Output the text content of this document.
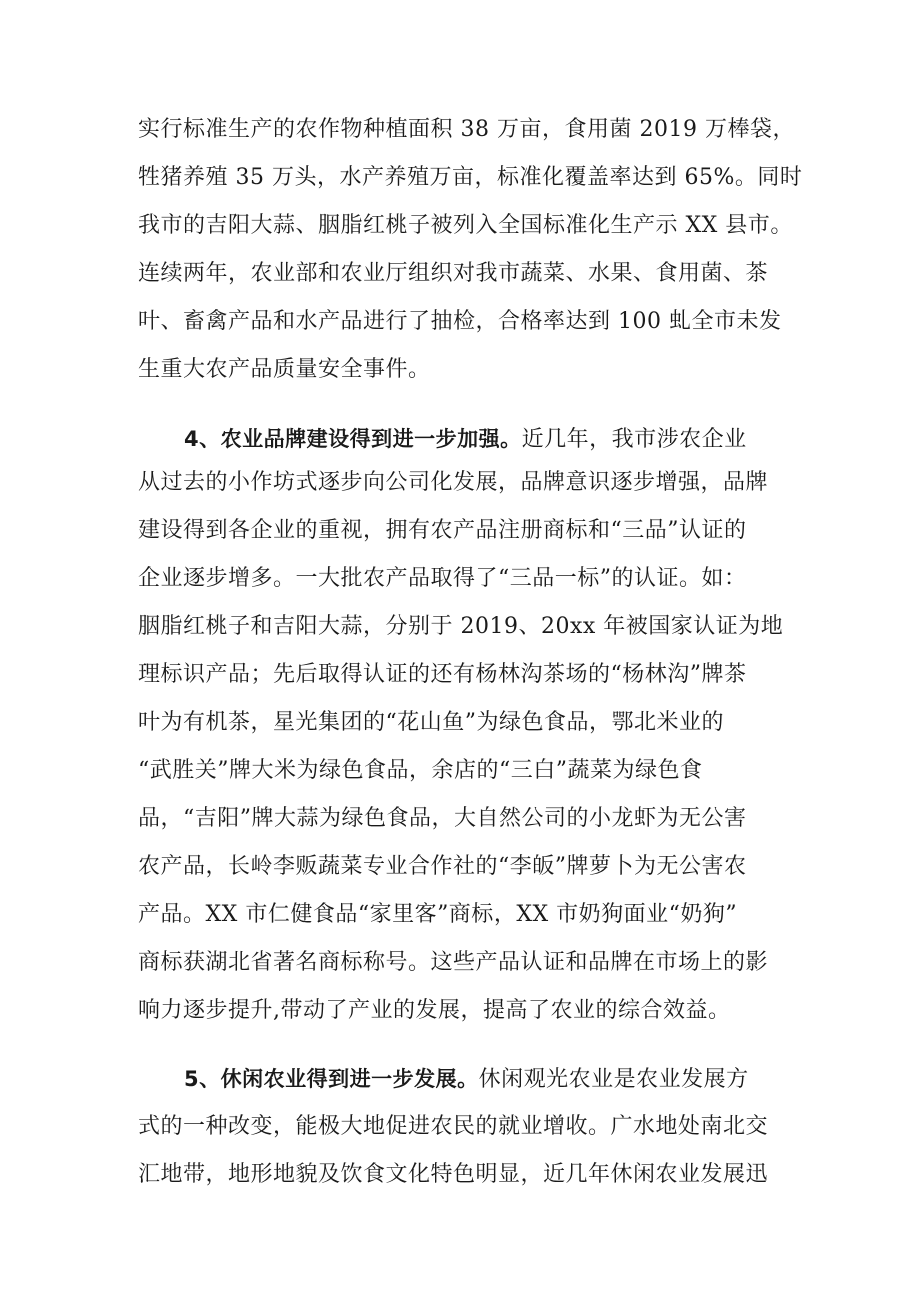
实行标准生产的农作物种植面积 38 万亩，食用菌 2019 万棒袋，
牲猪养殖 35 万头，水产养殖万亩，标准化覆盖率达到 65%。同时
我市的吉阳大蒜、胭脂红桃子被列入全国标准化生产示 XX 县市。
连续两年，农业部和农业厅组织对我市蔬菜、水果、食用菌、茶
叶、畜禽产品和水产品进行了抽检，合格率达到 100 虬全市未发
生重大农产品质量安全事件。
4、农业品牌建设得到进一步加强。近几年，我市涉农企业
从过去的小作坊式逐步向公司化发展，品牌意识逐步增强，品牌
建设得到各企业的重视，拥有农产品注册商标和“三品”认证的
企业逐步增多。一大批农产品取得了“三品一标”的认证。如：
胭脂红桃子和吉阳大蒜，分别于 2019、20xx 年被国家认证为地
理标识产品；先后取得认证的还有杨林沟茶场的“杨林沟”牌茶
叶为有机茶，星光集团的“花山鱼”为绿色食品，鄂北米业的
“武胜关”牌大米为绿色食品，余店的“三白”蔬菜为绿色食
品，“吉阳”牌大蒜为绿色食品，大自然公司的小龙虾为无公害
农产品，长岭李贩蔬菜专业合作社的“李皈”牌萝卜为无公害农
产品。XX 市仁健食品“家里客”商标，XX 市奶狗面业“奶狗”
商标获湖北省著名商标称号。这些产品认证和品牌在市场上的影
响力逐步提升,带动了产业的发展，提高了农业的综合效益。
5、休闲农业得到进一步发展。休闲观光农业是农业发展方
式的一种改变，能极大地促进农民的就业增收。广水地处南北交
汇地带，地形地貌及饮食文化特色明显，近几年休闲农业发展迅
